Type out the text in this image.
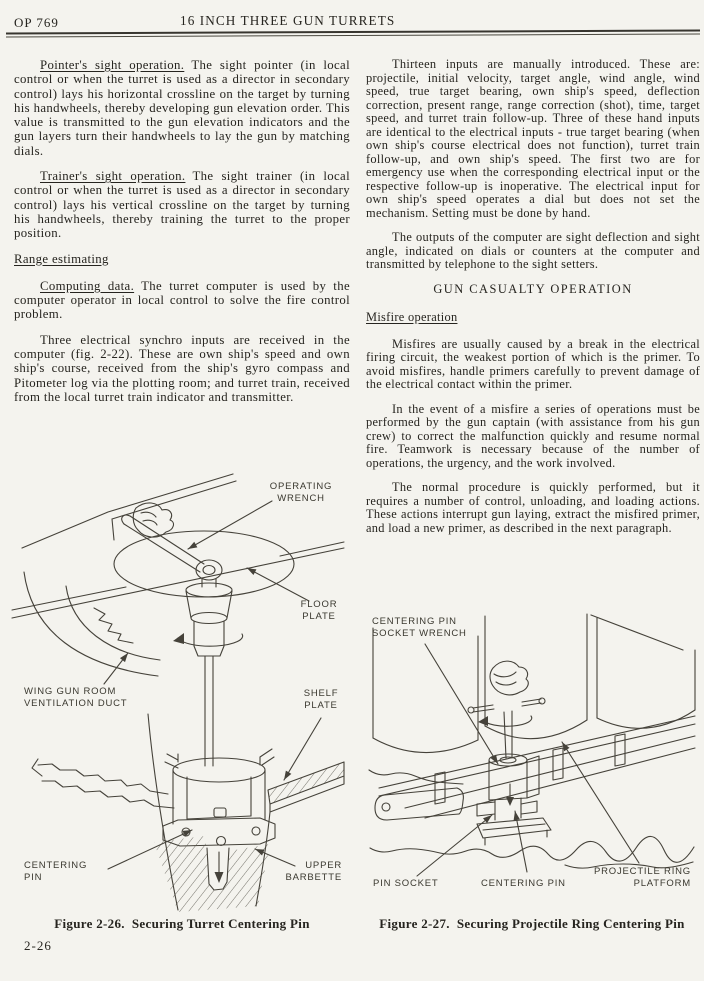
OP 769	16 INCH THREE GUN TURRETS

Pointer's sight operation. The sight pointer (in local control or when the turret is used as a director in secondary control) lays his horizontal crossline on the target by turning his handwheels, thereby developing gun elevation order. This value is transmitted to the gun elevation indicators and the gun layers turn their handwheels to lay the gun by matching dials.

Trainer's sight operation. The sight trainer (in local control or when the turret is used as a director in secondary control) lays his vertical crossline on the target by turning his handwheels, thereby training the turret to the proper position.

Range estimating

Computing data. The turret computer is used by the computer operator in local control to solve the fire control problem.

Three electrical synchro inputs are received in the computer (fig. 2-22). These are own ship's speed and own ship's course, received from the ship's gyro compass and Pitometer log via the plotting room; and turret train, received from the local turret train indicator and transmitter.

Thirteen inputs are manually introduced. These are: projectile, initial velocity, target angle, wind angle, wind speed, true target bearing, own ship's speed, deflection correction, present range, range correction (shot), time, target speed, and turret train follow-up. Three of these hand inputs are identical to the electrical inputs - true target bearing (when own ship's course electrical does not function), turret train follow-up, and own ship's speed. The first two are for emergency use when the corresponding electrical input or the respective follow-up is inoperative. The electrical input for own ship's speed operates a dial but does not set the mechanism. Setting must be done by hand.

The outputs of the computer are sight deflection and sight angle, indicated on dials or counters at the computer and transmitted by telephone to the sight setters.

GUN CASUALTY OPERATION
Misfire operation

Misfires are usually caused by a break in the electrical firing circuit, the weakest portion of which is the primer. To avoid misfires, handle primers carefully to prevent damage of the electrical contact within the primer.

In the event of a misfire a series of operations must be performed by the gun captain (with assistance from his gun crew) to correct the malfunction quickly and resume normal fire. Teamwork is necessary because of the number of operations, the urgency, and the work involved.

The normal procedure is quickly performed, but it requires a number of control, unloading, and loading actions. These actions interrupt gun laying, extract the misfired primer, and load a new primer, as described in the next paragraph.

OPERATING
WRENCH
FLOOR
PLATE
WING GUN ROOM
VENTILATION DUCT
SHELF
PLATE
CENTERING
PIN
UPPER
BARBETTE
CENTERING PIN
SOCKET WRENCH
PIN SOCKET	CENTERING PIN
PROJECTILE RING
PLATFORM
Figure 2-26.  Securing Turret Centering Pin	Figure 2-27.  Securing Projectile Ring Centering Pin
2-26
